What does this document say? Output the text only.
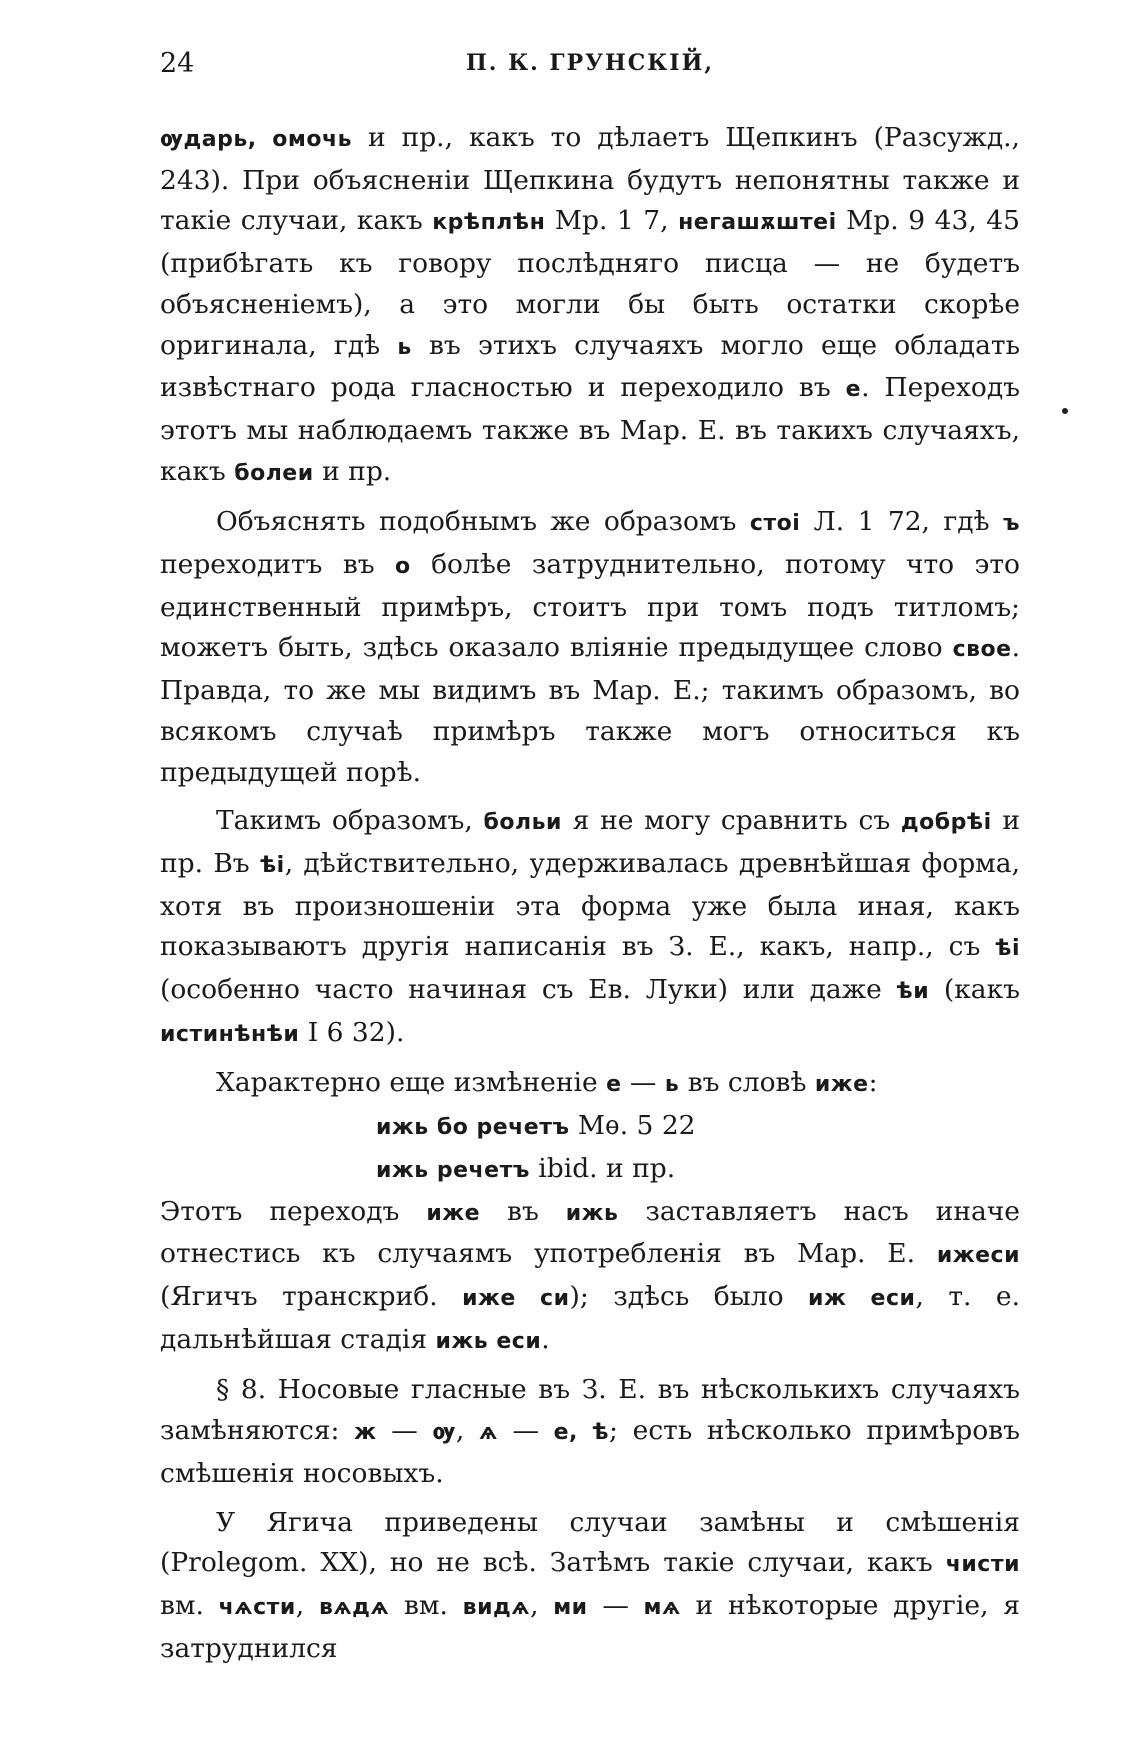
24	П. К. ГРУНСКІЙ,

ѹдарь, омочь и пр., какъ то дѣлаетъ Щепкинъ (Разсужд., 243). При объясненіи Щепкина будутъ непонятны также и такіе случаи, какъ крѣплѣн Мр. 1 7, негашѫштеі Мр. 9 43, 45 (прибѣгать къ говору послѣдняго писца — не будетъ объясненіемъ), а это могли бы быть остатки скорѣе оригинала, гдѣ ь въ этихъ случаяхъ могло еще обладать извѣстнаго рода гласностью и переходило въ е. Переходъ этотъ мы наблюдаемъ также въ Мар. Е. въ такихъ случаяхъ, какъ болеи и пр.

Объяснять подобнымъ же образомъ стоі Л. 1 72, гдѣ ъ переходитъ въ о болѣе затруднительно, потому что это единственный примѣръ, стоитъ при томъ подъ титломъ; можетъ быть, здѣсь оказало вліяніе предыдущее слово свое. Правда, то же мы видимъ въ Мар. Е.; такимъ образомъ, во всякомъ случаѣ примѣръ также могъ относиться къ предыдущей порѣ.

Такимъ образомъ, больи я не могу сравнить съ добрѣі и пр. Въ ѣі, дѣйствительно, удерживалась древнѣйшая форма, хотя въ произношеніи эта форма уже была иная, какъ показываютъ другія написанія въ З. Е., какъ, напр., съ ѣі (особенно часто начиная съ Ев. Луки) или даже ѣи (какъ истинѣнѣи I 6 32).

Характерно еще измѣненіе е — ь въ словѣ иже:

ижь бо речетъ Мѳ. 5 22
ижь речетъ ibid. и пр.

Этотъ переходъ иже въ ижь заставляетъ насъ иначе отнестись къ случаямъ употребленія въ Мар. Е. ижеси (Ягичъ транскриб. иже си); здѣсь было иж еси, т. е. дальнѣйшая стадія ижь еси.

§ 8. Носовые гласные въ З. Е. въ нѣсколькихъ случаяхъ замѣняются: ж — ѹ, ѧ — е, ѣ; есть нѣсколько примѣровъ смѣшенія носовыхъ.

У Ягича приведены случаи замѣны и смѣшенія (Prolegom. XX), но не всѣ. Затѣмъ такіе случаи, какъ чисти вм. чѧсти, вѧдѧ вм. видѧ, ми — мѧ и нѣкоторые другіе, я затруднился
